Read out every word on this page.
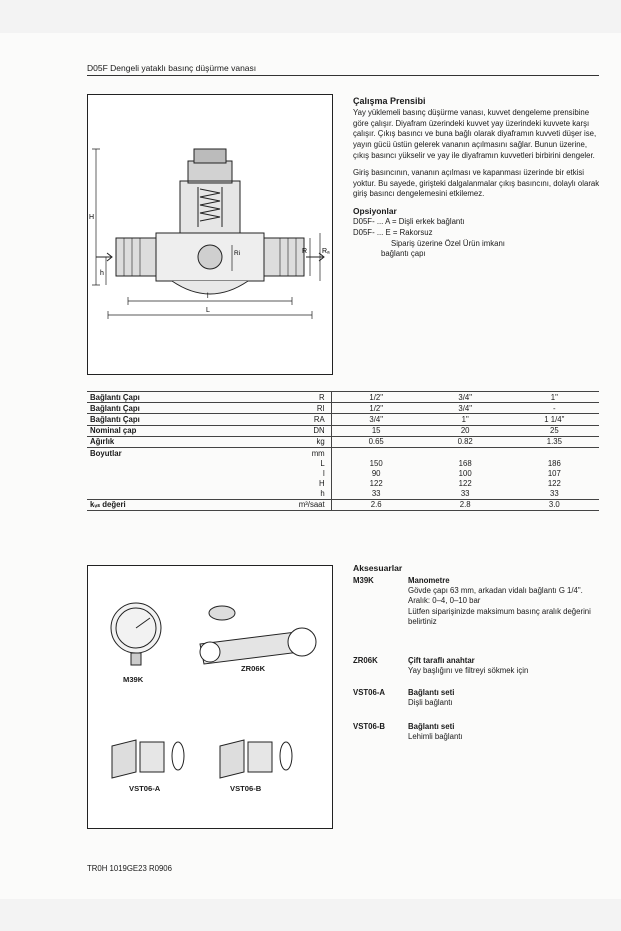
D05F Dengeli yataklı basınç düşürme vanası
H
h
Ri	R Rₐ
l
L
Çalışma Prensibi

Yay yüklemeli basınç düşürme vanası, kuvvet dengeleme prensibine göre çalışır. Diyafram üzerindeki kuvvet yay üzerindeki kuvvete karşı çalışır. Çıkış basıncı ve buna bağlı olarak diyaframın kuvveti düşer ise, yayın gücü üstün gelerek vananın açılmasını sağlar. Bunun üzerine, çıkış basıncı yükselir ve yay ile diyaframın kuvvetleri birbirini dengeler.

Giriş basıncının, vananın açılması ve kapanması üzerinde bir etkisi yoktur. Bu sayede, girişteki dalgalanmalar çıkış basıncını, dolaylı olarak giriş basıncı dengelemesini etkilemez.

Opsiyonlar
D05F- ... A = Dişli erkek bağlantı
D05F- ... E = Rakorsuz
Sipariş üzerine Özel Ürün imkanı
bağlantı çapı
Bağlantı Çapı	R	1/2"	3/4"	1"
Bağlantı Çapı	RI	1/2"	3/4"	-
Bağlantı Çapı	RA	3/4"	1"	1 1/4"
Nominal çap	DN	15	20	25
Ağırlık	kg	0.65	0.82	1.35
Boyutlar	mm			
	L	150	168	186
	l	90	100	107
	H	122	122	122
	h	33	33	33
kᵥₛ değeri	m³/saat	2.6	2.8	3.0
M39K
ZR06K
VST06-A	VST06-B
Aksesuarlar
M39K	Manometre
Gövde çapı 63 mm, arkadan vidalı bağlantı G 1/4".
Aralık: 0–4, 0–10 bar
Lütfen siparişinizde maksimum basınç aralık değerini belirtiniz
ZR06K	Çift taraflı anahtar
Yay başlığını ve filtreyi sökmek için
VST06-A	Bağlantı seti
Dişli bağlantı
VST06-B	Bağlantı seti
Lehimli bağlantı
TR0H 1019GE23 R0906
